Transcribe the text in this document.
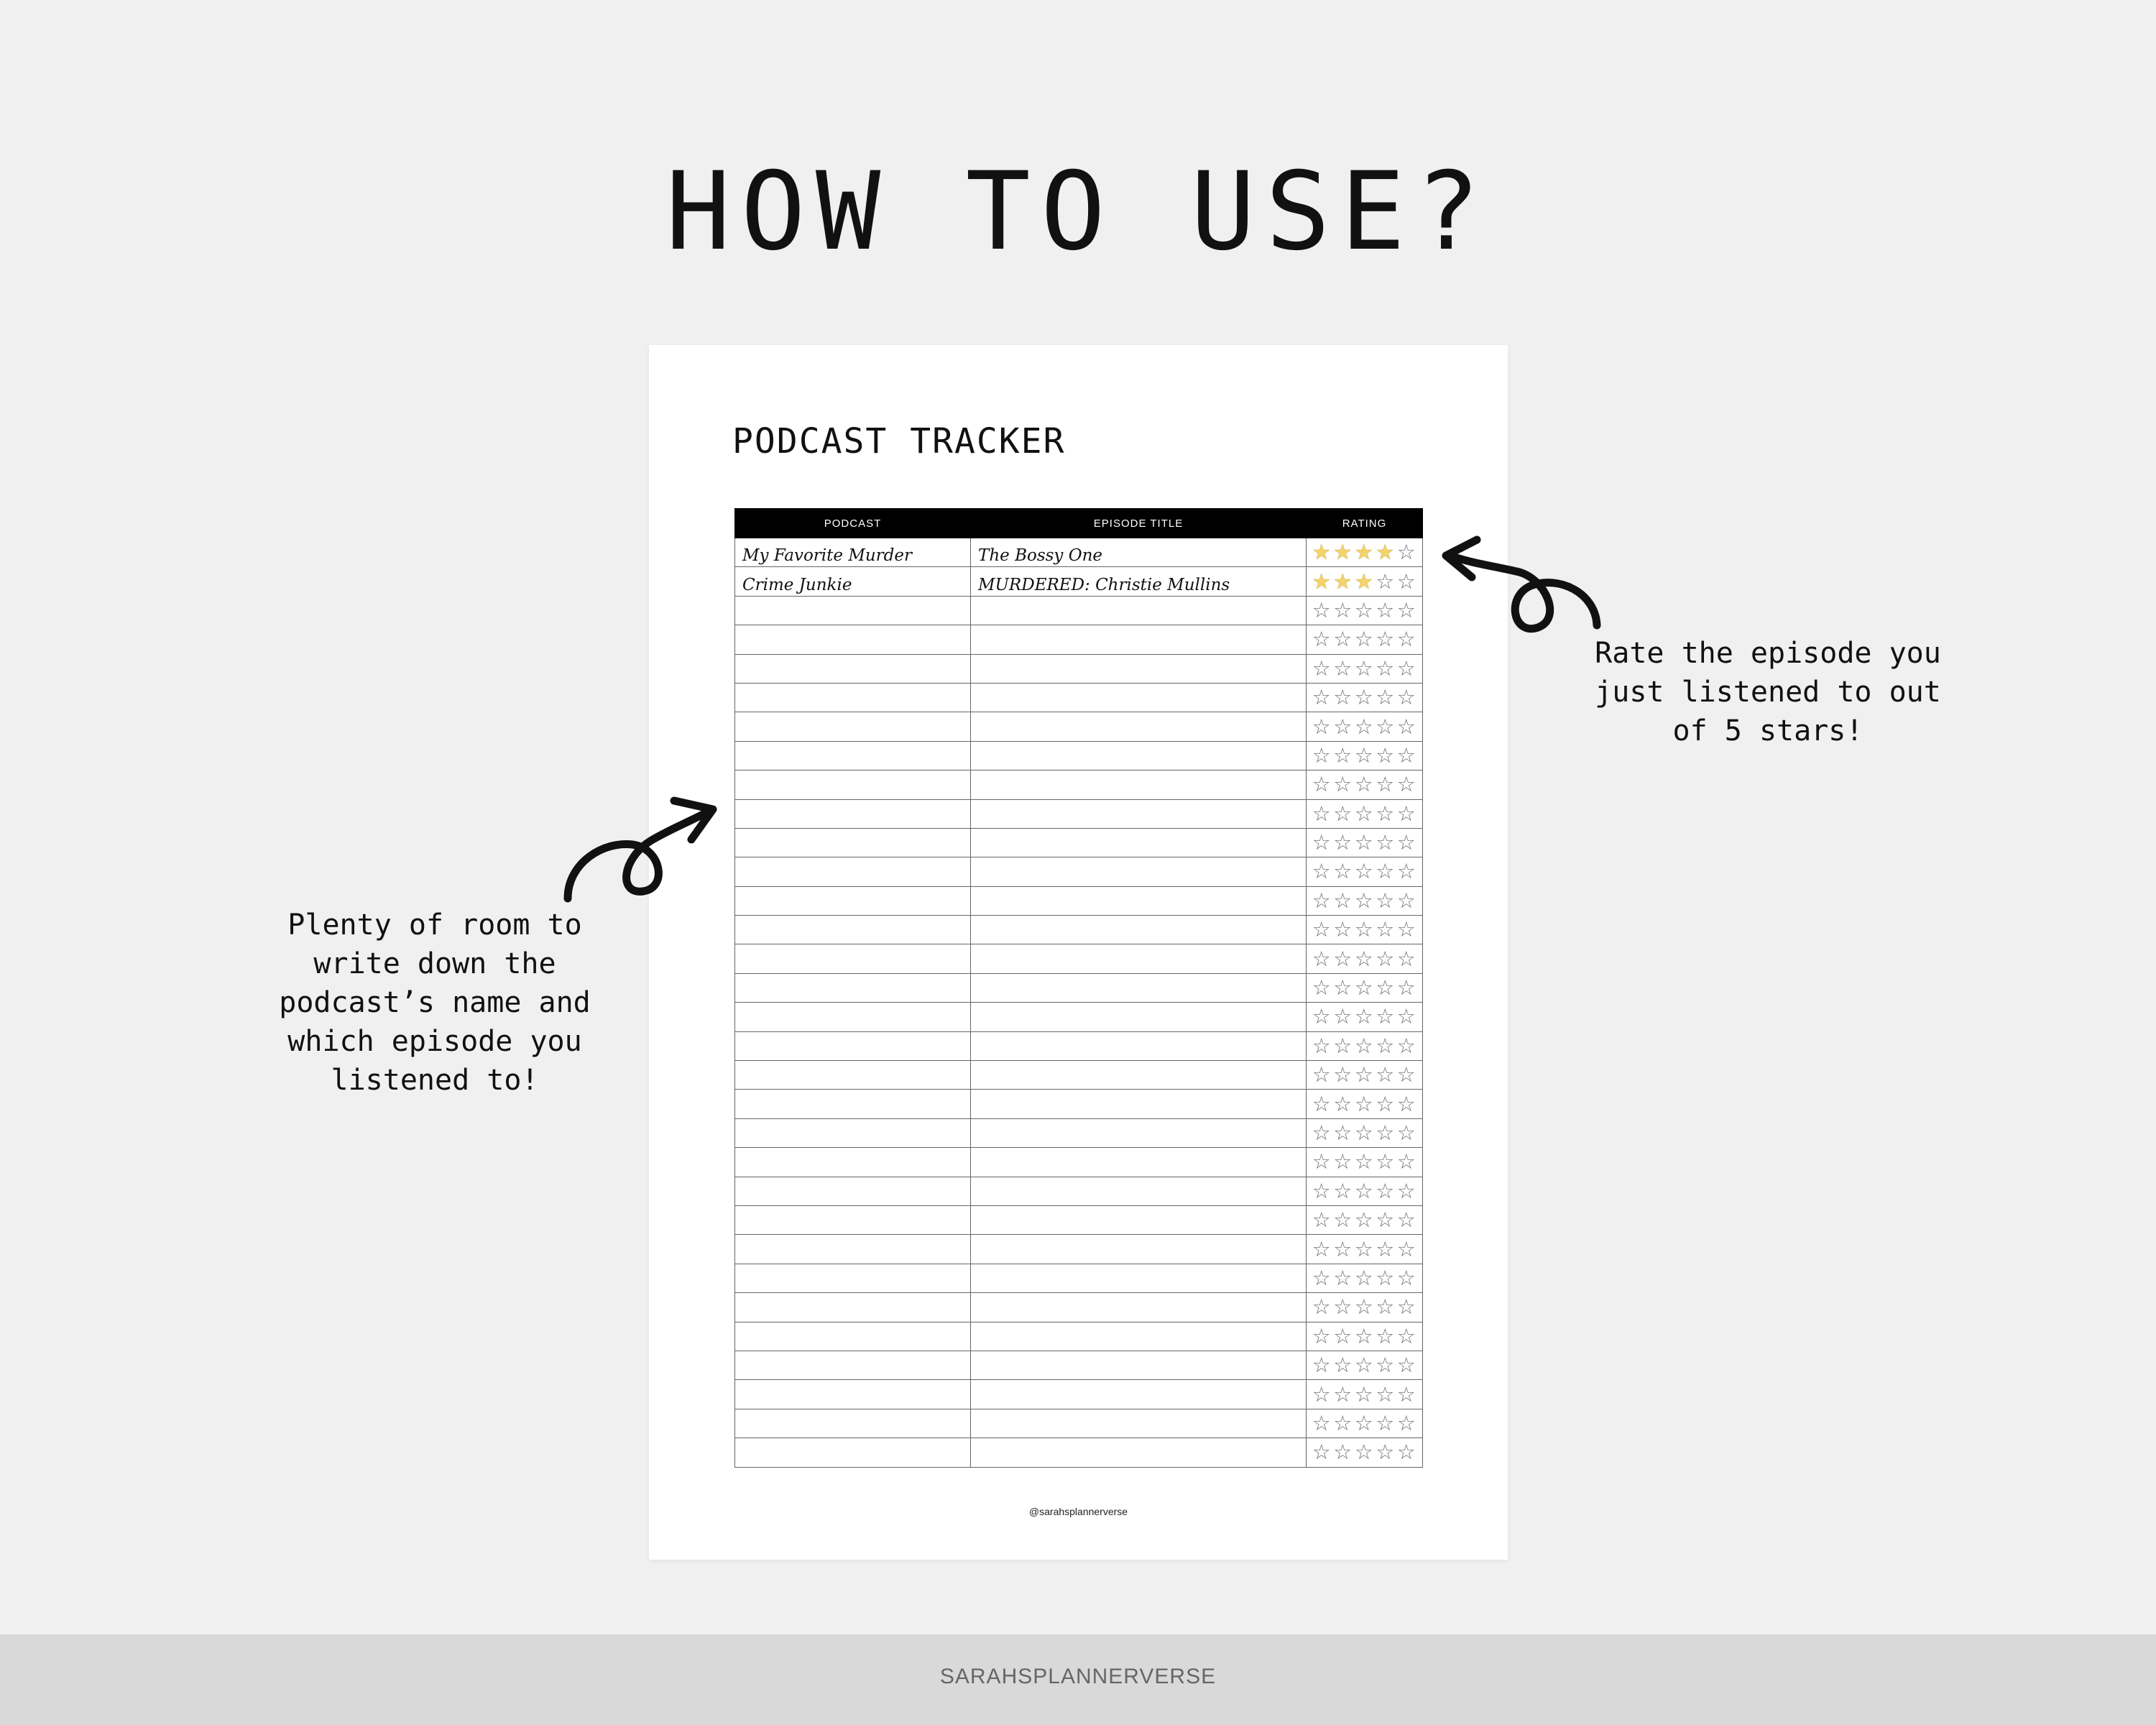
HOW TO USE?
PODCAST TRACKER
PODCAST	EPISODE TITLE	RATING
My Favorite Murder	The Bossy One	★ ★ ★ ★ ☆
Crime Junkie	MURDERED: Christie Mullins	★ ★ ★ ☆ ☆
		☆ ☆ ☆ ☆ ☆
		☆ ☆ ☆ ☆ ☆
		☆ ☆ ☆ ☆ ☆
		☆ ☆ ☆ ☆ ☆
		☆ ☆ ☆ ☆ ☆
		☆ ☆ ☆ ☆ ☆
		☆ ☆ ☆ ☆ ☆
		☆ ☆ ☆ ☆ ☆
		☆ ☆ ☆ ☆ ☆
		☆ ☆ ☆ ☆ ☆
		☆ ☆ ☆ ☆ ☆
		☆ ☆ ☆ ☆ ☆
		☆ ☆ ☆ ☆ ☆
		☆ ☆ ☆ ☆ ☆
		☆ ☆ ☆ ☆ ☆
		☆ ☆ ☆ ☆ ☆
		☆ ☆ ☆ ☆ ☆
		☆ ☆ ☆ ☆ ☆
		☆ ☆ ☆ ☆ ☆
		☆ ☆ ☆ ☆ ☆
		☆ ☆ ☆ ☆ ☆
		☆ ☆ ☆ ☆ ☆
		☆ ☆ ☆ ☆ ☆
		☆ ☆ ☆ ☆ ☆
		☆ ☆ ☆ ☆ ☆
		☆ ☆ ☆ ☆ ☆
		☆ ☆ ☆ ☆ ☆
		☆ ☆ ☆ ☆ ☆
		☆ ☆ ☆ ☆ ☆
		☆ ☆ ☆ ☆ ☆
@sarahsplannerverse

Plenty of room to
write down the
podcast’s name and
which episode you
listened to!

Rate the episode you
just listened to out
of 5 stars!

SARAHSPLANNERVERSE
